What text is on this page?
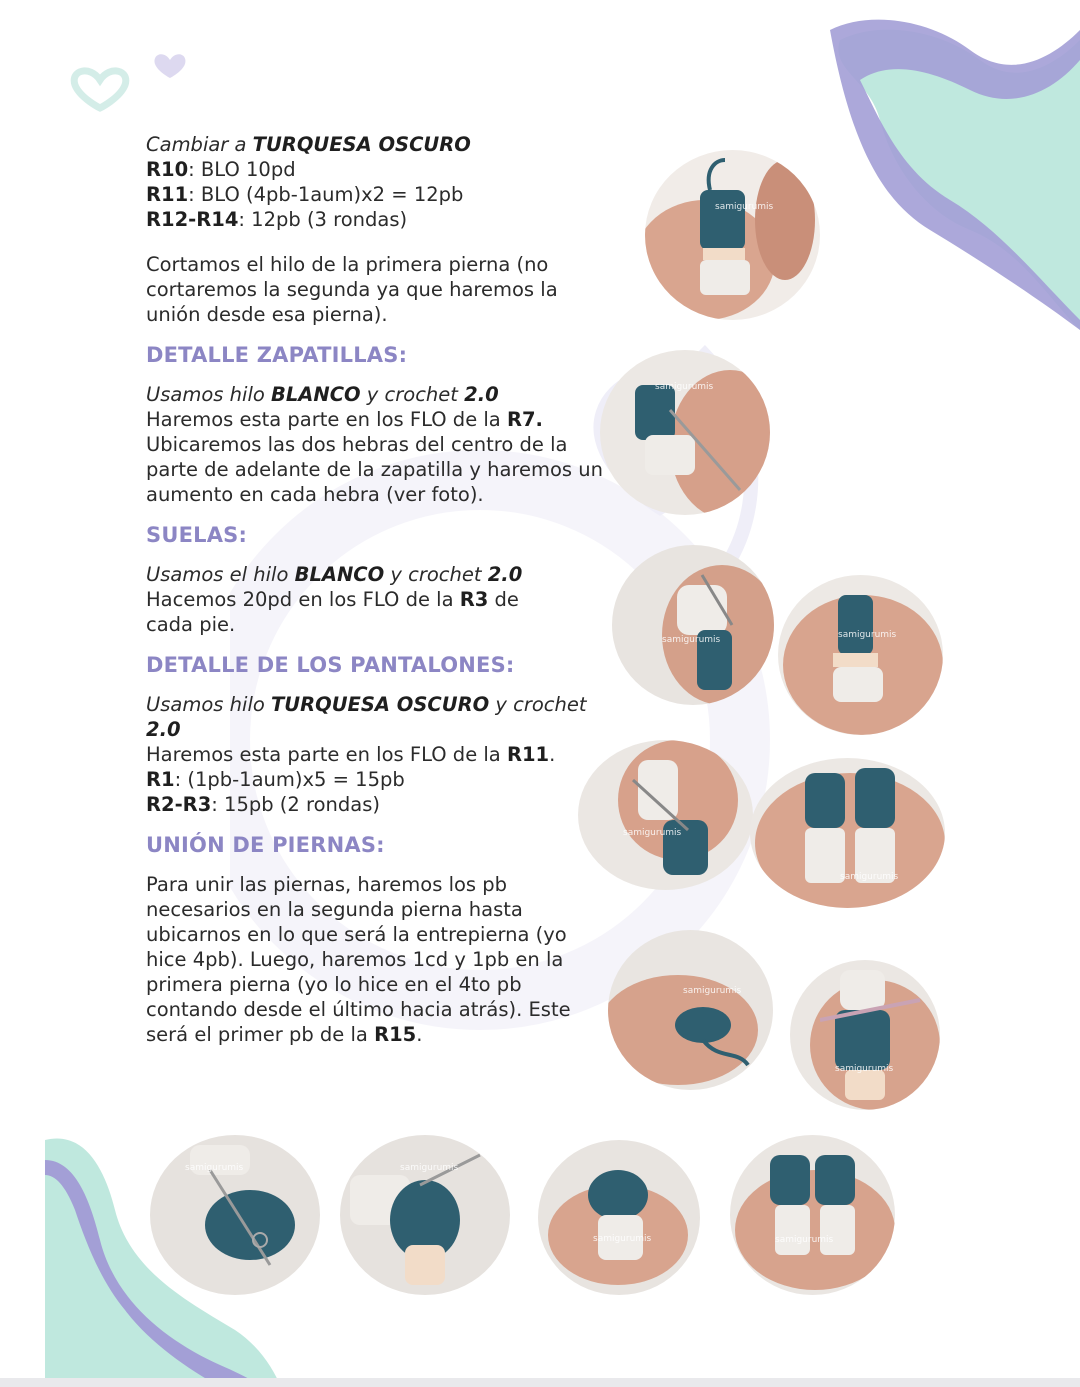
Cambiar a TURQUESA OSCURO

R10: BLO 10pd

R11: BLO (4pb-1aum)x2 = 12pb

R12-R14: 12pb (3 rondas)

Cortamos el hilo de la primera pierna (no cortaremos la segunda ya que haremos la unión desde esa pierna).

DETALLE ZAPATILLAS:

Usamos hilo BLANCO y crochet 2.0

Haremos esta parte en los FLO de la R7.

Ubicaremos las dos hebras del centro de la parte de adelante de la zapatilla y haremos un aumento en cada hebra (ver foto).

SUELAS:

Usamos el hilo BLANCO y crochet 2.0

Hacemos 20pd en los FLO de la R3 de cada pie.

DETALLE DE LOS PANTALONES:

Usamos hilo TURQUESA OSCURO y crochet 2.0

Haremos esta parte en los FLO de la R11.

R1: (1pb-1aum)x5 = 15pb

R2-R3: 15pb (2 rondas)

UNIÓN DE PIERNAS:

Para unir las piernas, haremos los pb necesarios en la segunda pierna hasta ubicarnos en lo que será la entrepierna (yo hice 4pb). Luego, haremos 1cd y 1pb en la primera pierna (yo lo hice en el 4to pb contando desde el último hacia atrás). Este será el primer pb de la R15.

samigurumis
samigurumis
samigurumis	samigurumis
samigurumis
samigurumis
samigurumis
samigurumis
samigurumis	samigurumis
samigurumis	samigurumis
